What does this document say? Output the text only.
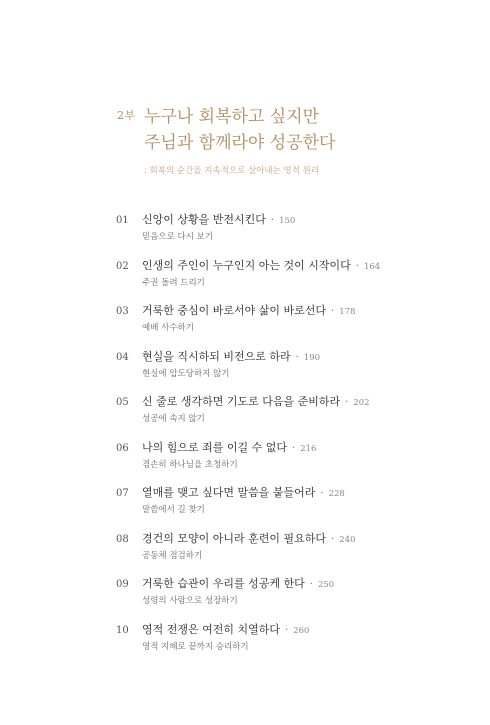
2부 누구나 회복하고 싶지만
주님과 함께라야 성공한다
: 회복의 순간을 지속적으로 살아내는 영적 원리
01	신앙이 상황을 반전시킨다 · 150
믿음으로 다시 보기
02	인생의 주인이 누구인지 아는 것이 시작이다 · 164
주권 돌려 드리기
03	거룩한 중심이 바로서야 삶이 바로선다 · 178
예배 사수하기
04	현실을 직시하되 비전으로 하라 · 190
현실에 압도당하지 않기
05	신 줄로 생각하면 기도로 다음을 준비하라 · 202
성공에 속지 않기
06	나의 힘으로 죄를 이길 수 없다 · 216
겸손히 하나님을 초청하기
07	열매를 맺고 싶다면 말씀을 붙들어라 · 228
말씀에서 길 찾기
08	경건의 모양이 아니라 훈련이 필요하다 · 240
공동체 점검하기
09	거룩한 습관이 우리를 성공케 한다 · 250
성령의 사람으로 성장하기
10	영적 전쟁은 여전히 치열하다 · 260
영적 지혜로 끝까지 승리하기
